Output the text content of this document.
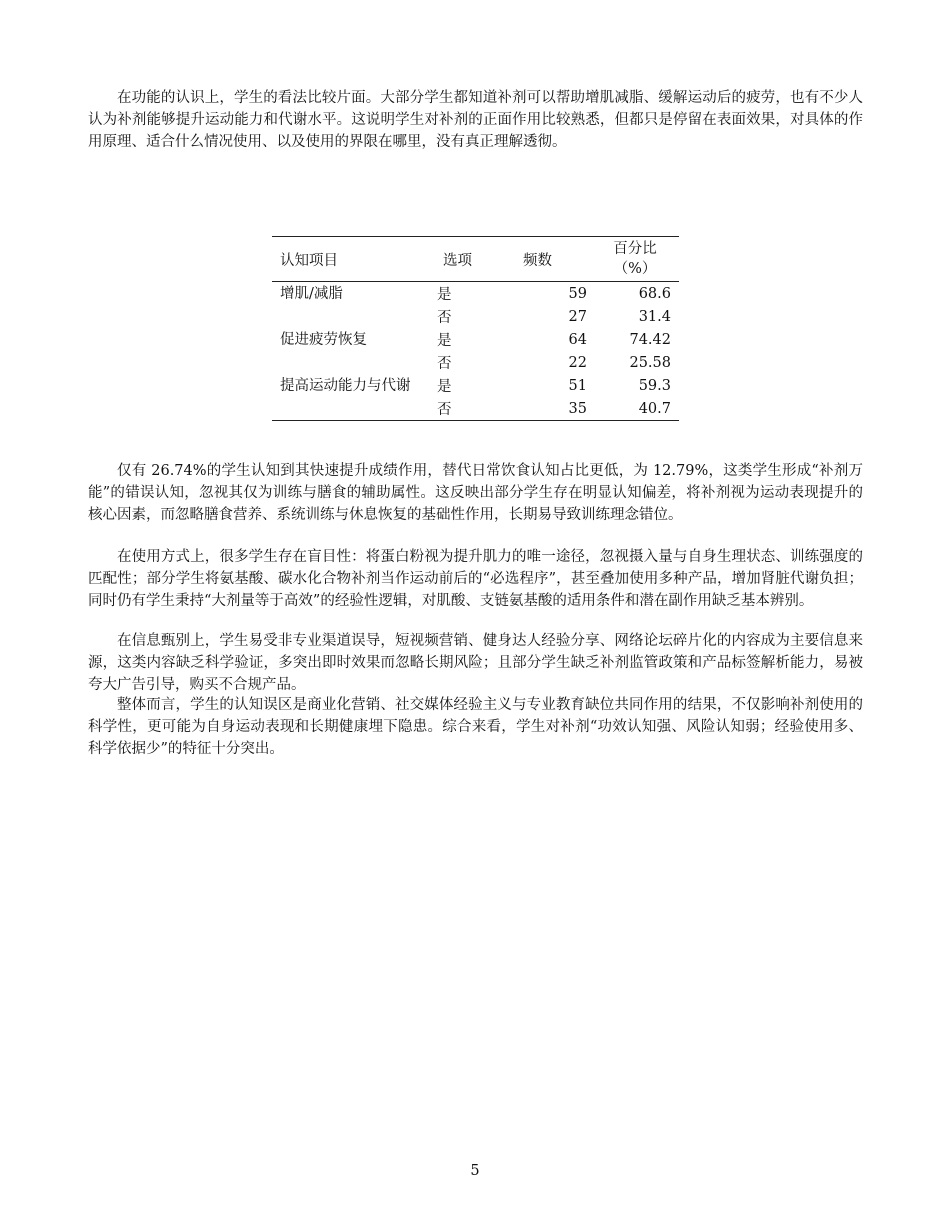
在功能的认识上，学生的看法比较片面。大部分学生都知道补剂可以帮助增肌减脂、缓解运动后的疲劳，也有不少人认为补剂能够提升运动能力和代谢水平。这说明学生对补剂的正面作用比较熟悉，但都只是停留在表面效果，对具体的作用原理、适合什么情况使用、以及使用的界限在哪里，没有真正理解透彻。

认知项目	选项	频数	百分比
（%）

增肌/减脂	是	59	68.6
	否	27	31.4
促进疲劳恢复	是	64	74.42
	否	22	25.58
提高运动能力与代谢	是	51	59.3
	否	35	40.7

仅有 26.74%的学生认知到其快速提升成绩作用，替代日常饮食认知占比更低，为 12.79%，这类学生形成“补剂万能”的错误认知，忽视其仅为训练与膳食的辅助属性。这反映出部分学生存在明显认知偏差，将补剂视为运动表现提升的核心因素，而忽略膳食营养、系统训练与休息恢复的基础性作用，长期易导致训练理念错位。

在使用方式上，很多学生存在盲目性：将蛋白粉视为提升肌力的唯一途径，忽视摄入量与自身生理状态、训练强度的匹配性；部分学生将氨基酸、碳水化合物补剂当作运动前后的“必选程序”，甚至叠加使用多种产品，增加肾脏代谢负担；同时仍有学生秉持“大剂量等于高效”的经验性逻辑，对肌酸、支链氨基酸的适用条件和潜在副作用缺乏基本辨别。

在信息甄别上，学生易受非专业渠道误导，短视频营销、健身达人经验分享、网络论坛碎片化的内容成为主要信息来源，这类内容缺乏科学验证，多突出即时效果而忽略长期风险；且部分学生缺乏补剂监管政策和产品标签解析能力，易被夸大广告引导，购买不合规产品。

整体而言，学生的认知误区是商业化营销、社交媒体经验主义与专业教育缺位共同作用的结果，不仅影响补剂使用的科学性，更可能为自身运动表现和长期健康埋下隐患。综合来看，学生对补剂“功效认知强、风险认知弱；经验使用多、科学依据少”的特征十分突出。

5
